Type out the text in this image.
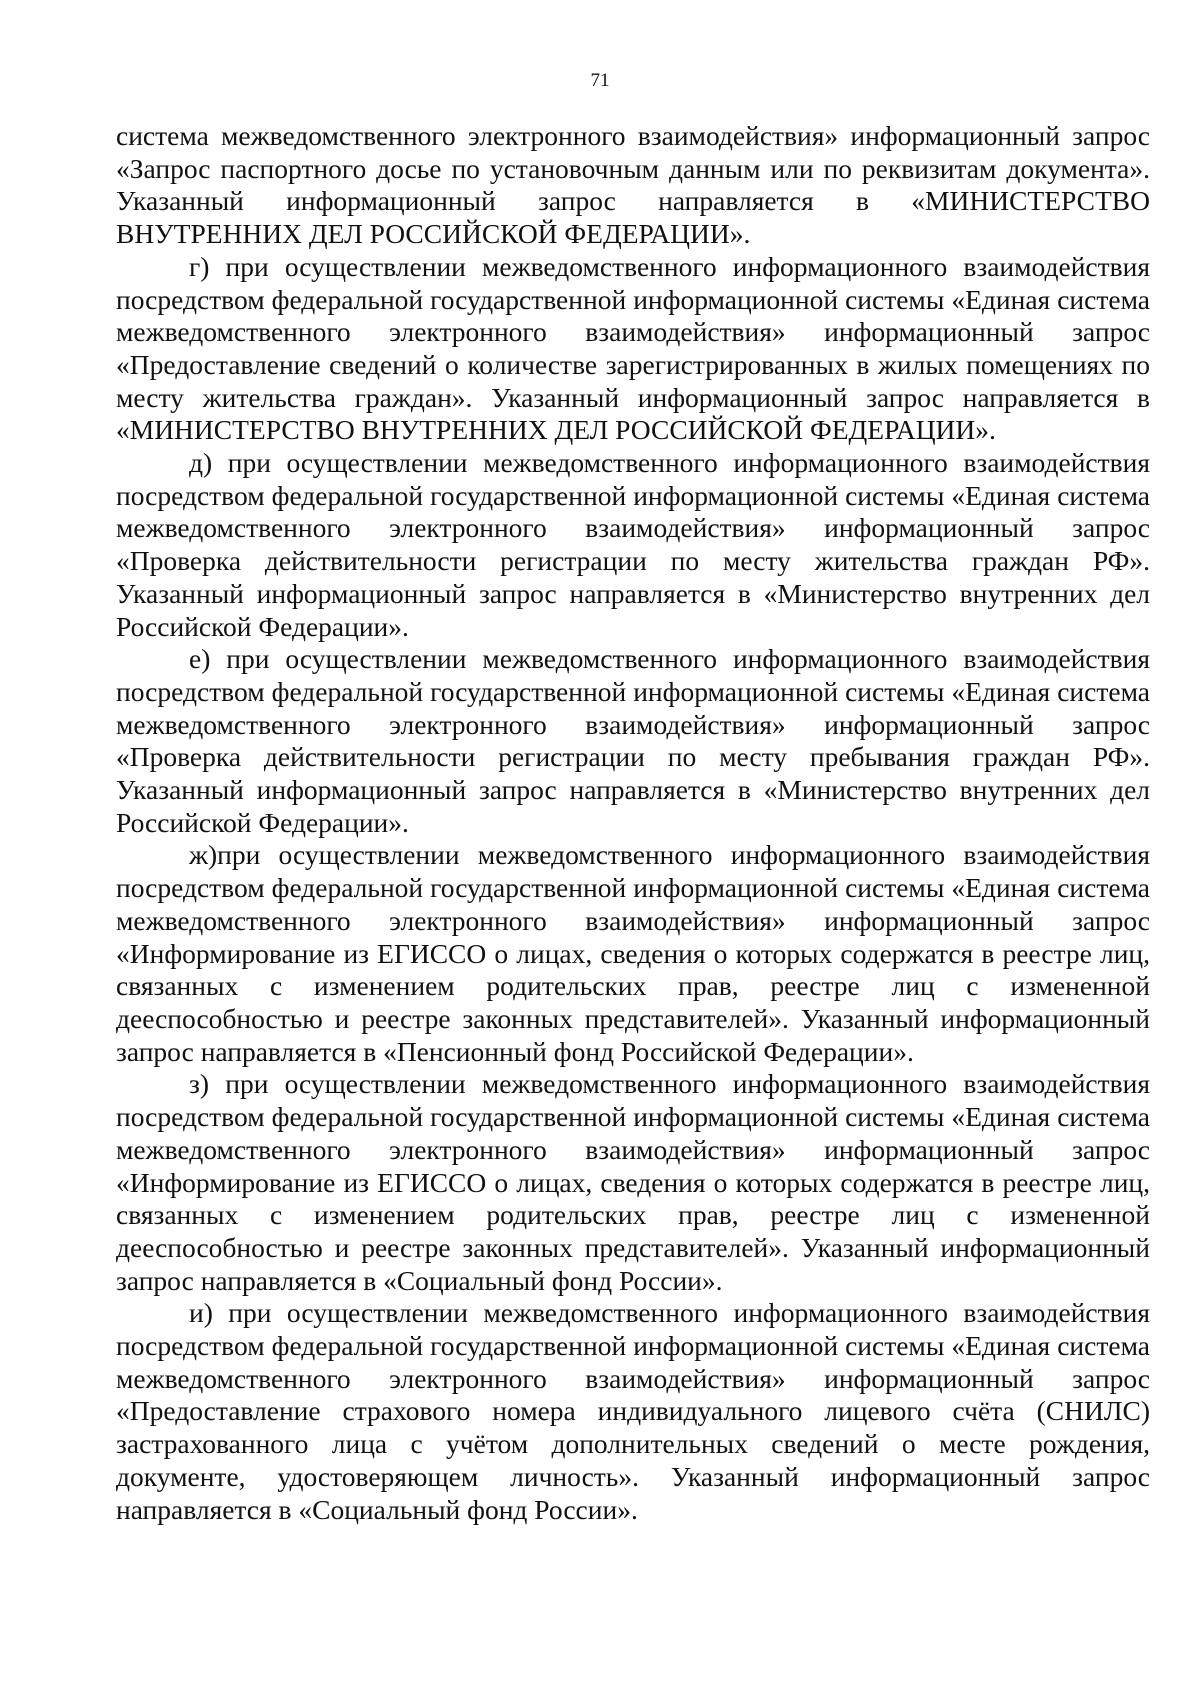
71

система межведомственного электронного взаимодействия» информационный запрос «Запрос паспортного досье по установочным данным или по реквизитам документа». Указанный информационный запрос направляется в «МИНИСТЕРСТВО ВНУТРЕННИХ ДЕЛ РОССИЙСКОЙ ФЕДЕРАЦИИ».

г) при осуществлении межведомственного информационного взаимодействия посредством федеральной государственной информационной системы «Единая система межведомственного электронного взаимодействия» информационный запрос «Предоставление сведений о количестве зарегистрированных в жилых помещениях по месту жительства граждан». Указанный информационный запрос направляется в «МИНИСТЕРСТВО ВНУТРЕННИХ ДЕЛ РОССИЙСКОЙ ФЕДЕРАЦИИ».

д) при осуществлении межведомственного информационного взаимодействия посредством федеральной государственной информационной системы «Единая система межведомственного электронного взаимодействия» информационный запрос «Проверка действительности регистрации по месту жительства граждан РФ». Указанный информационный запрос направляется в «Министерство внутренних дел Российской Федерации».

е) при осуществлении межведомственного информационного взаимодействия посредством федеральной государственной информационной системы «Единая система межведомственного электронного взаимодействия» информационный запрос «Проверка действительности регистрации по месту пребывания граждан РФ». Указанный информационный запрос направляется в «Министерство внутренних дел Российской Федерации».

ж)при осуществлении межведомственного информационного взаимодействия посредством федеральной государственной информационной системы «Единая система межведомственного электронного взаимодействия» информационный запрос «Информирование из ЕГИССО о лицах, сведения о которых содержатся в реестре лиц, связанных с изменением родительских прав, реестре лиц с измененной дееспособностью и реестре законных представителей». Указанный информационный запрос направляется в «Пенсионный фонд Российской Федерации».

з) при осуществлении межведомственного информационного взаимодействия посредством федеральной государственной информационной системы «Единая система межведомственного электронного взаимодействия» информационный запрос «Информирование из ЕГИССО о лицах, сведения о которых содержатся в реестре лиц, связанных с изменением родительских прав, реестре лиц с измененной дееспособностью и реестре законных представителей». Указанный информационный запрос направляется в «Социальный фонд России».

и) при осуществлении межведомственного информационного взаимодействия посредством федеральной государственной информационной системы «Единая система межведомственного электронного взаимодействия» информационный запрос «Предоставление страхового номера индивидуального лицевого счёта (СНИЛС) застрахованного лица с учётом дополнительных сведений о месте рождения, документе, удостоверяющем личность». Указанный информационный запрос направляется в «Социальный фонд России».
